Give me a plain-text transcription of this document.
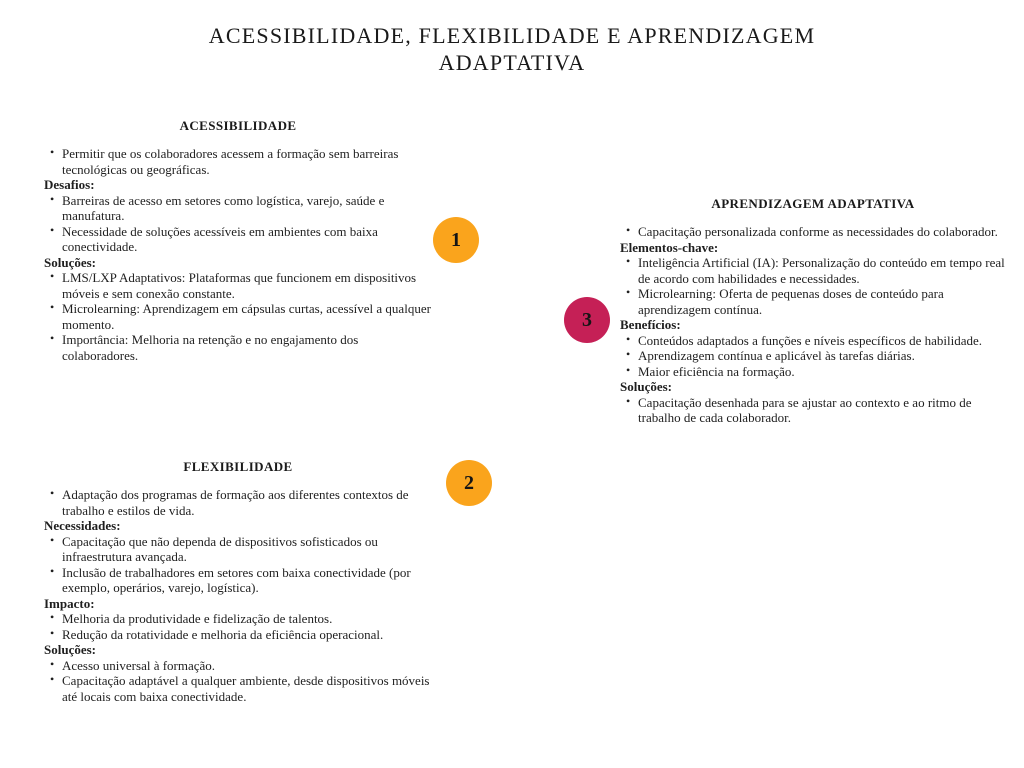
ACESSIBILIDADE, FLEXIBILIDADE E APRENDIZAGEM ADAPTATIVA
ACESSIBILIDADE
• Permitir que os colaboradores acessem a formação sem barreiras tecnológicas ou geográficas.
Desafios:
• Barreiras de acesso em setores como logística, varejo, saúde e manufatura.
• Necessidade de soluções acessíveis em ambientes com baixa conectividade.
Soluções:
• LMS/LXP Adaptativos: Plataformas que funcionem em dispositivos móveis e sem conexão constante.
• Microlearning: Aprendizagem em cápsulas curtas, acessível a qualquer momento.
• Importância: Melhoria na retenção e no engajamento dos colaboradores.
FLEXIBILIDADE
• Adaptação dos programas de formação aos diferentes contextos de trabalho e estilos de vida.
Necessidades:
• Capacitação que não dependa de dispositivos sofisticados ou infraestrutura avançada.
• Inclusão de trabalhadores em setores com baixa conectividade (por exemplo, operários, varejo, logística).
Impacto:
• Melhoria da produtividade e fidelização de talentos.
• Redução da rotatividade e melhoria da eficiência operacional.
Soluções:
• Acesso universal à formação.
• Capacitação adaptável a qualquer ambiente, desde dispositivos móveis até locais com baixa conectividade.
APRENDIZAGEM ADAPTATIVA
• Capacitação personalizada conforme as necessidades do colaborador.
Elementos-chave:
• Inteligência Artificial (IA): Personalização do conteúdo em tempo real de acordo com habilidades e necessidades.
• Microlearning: Oferta de pequenas doses de conteúdo para aprendizagem contínua.
Benefícios:
• Conteúdos adaptados a funções e níveis específicos de habilidade.
• Aprendizagem contínua e aplicável às tarefas diárias.
• Maior eficiência na formação.
Soluções:
• Capacitação desenhada para se ajustar ao contexto e ao ritmo de trabalho de cada colaborador.
1
2
3
